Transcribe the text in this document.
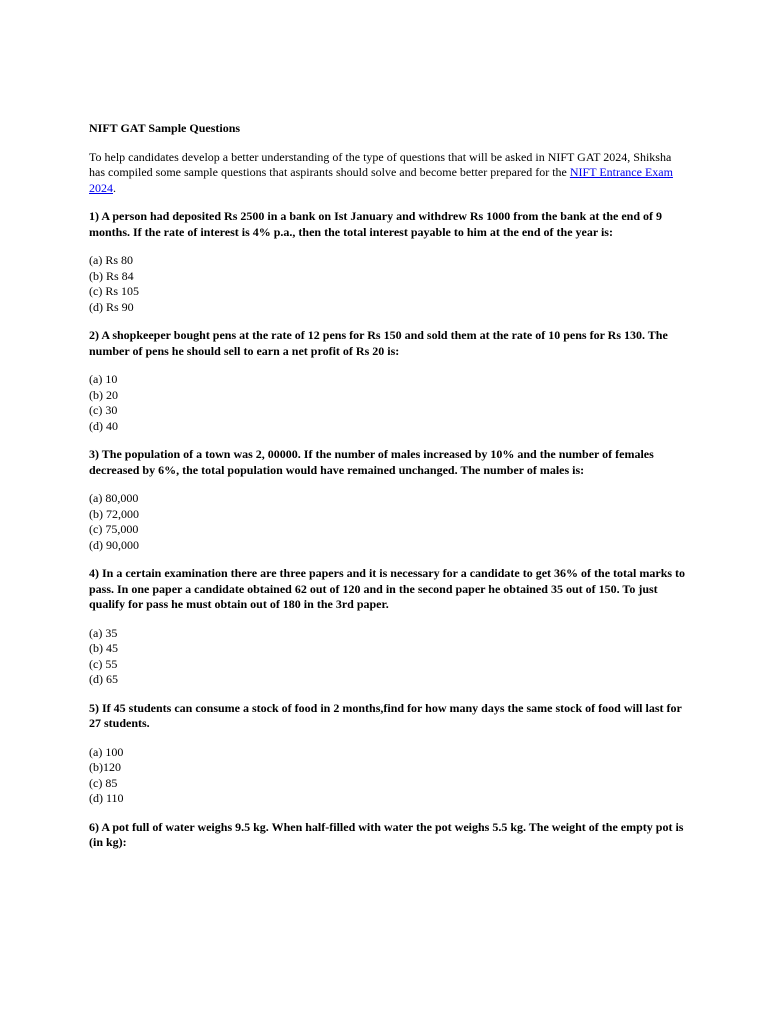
NIFT GAT Sample Questions

To help candidates develop a better understanding of the type of questions that will be asked in NIFT GAT 2024, Shiksha has compiled some sample questions that aspirants should solve and become better prepared for the NIFT Entrance Exam 2024.

1) A person had deposited Rs 2500 in a bank on Ist January and withdrew Rs 1000 from the bank at the end of 9 months. If the rate of interest is 4% p.a., then the total interest payable to him at the end of the year is:

(a) Rs 80
(b) Rs 84
(c) Rs 105
(d) Rs 90

2) A shopkeeper bought pens at the rate of 12 pens for Rs 150 and sold them at the rate of 10 pens for Rs 130. The number of pens he should sell to earn a net profit of Rs 20 is:

(a) 10
(b) 20
(c) 30
(d) 40

3) The population of a town was 2, 00000. If the number of males increased by 10% and the number of females decreased by 6%, the total population would have remained unchanged. The number of males is:

(a) 80,000
(b) 72,000
(c) 75,000
(d) 90,000

4) In a certain examination there are three papers and it is necessary for a candidate to get 36% of the total marks to pass. In one paper a candidate obtained 62 out of 120 and in the second paper he obtained 35 out of 150. To just qualify for pass he must obtain out of 180 in the 3rd paper.

(a) 35
(b) 45
(c) 55
(d) 65

5) If 45 students can consume a stock of food in 2 months,find for how many days the same stock of food will last for 27 students.

(a) 100
(b)120
(c) 85
(d) 110

6) A pot full of water weighs 9.5 kg. When half-filled with water the pot weighs 5.5 kg. The weight of the empty pot is (in kg):
